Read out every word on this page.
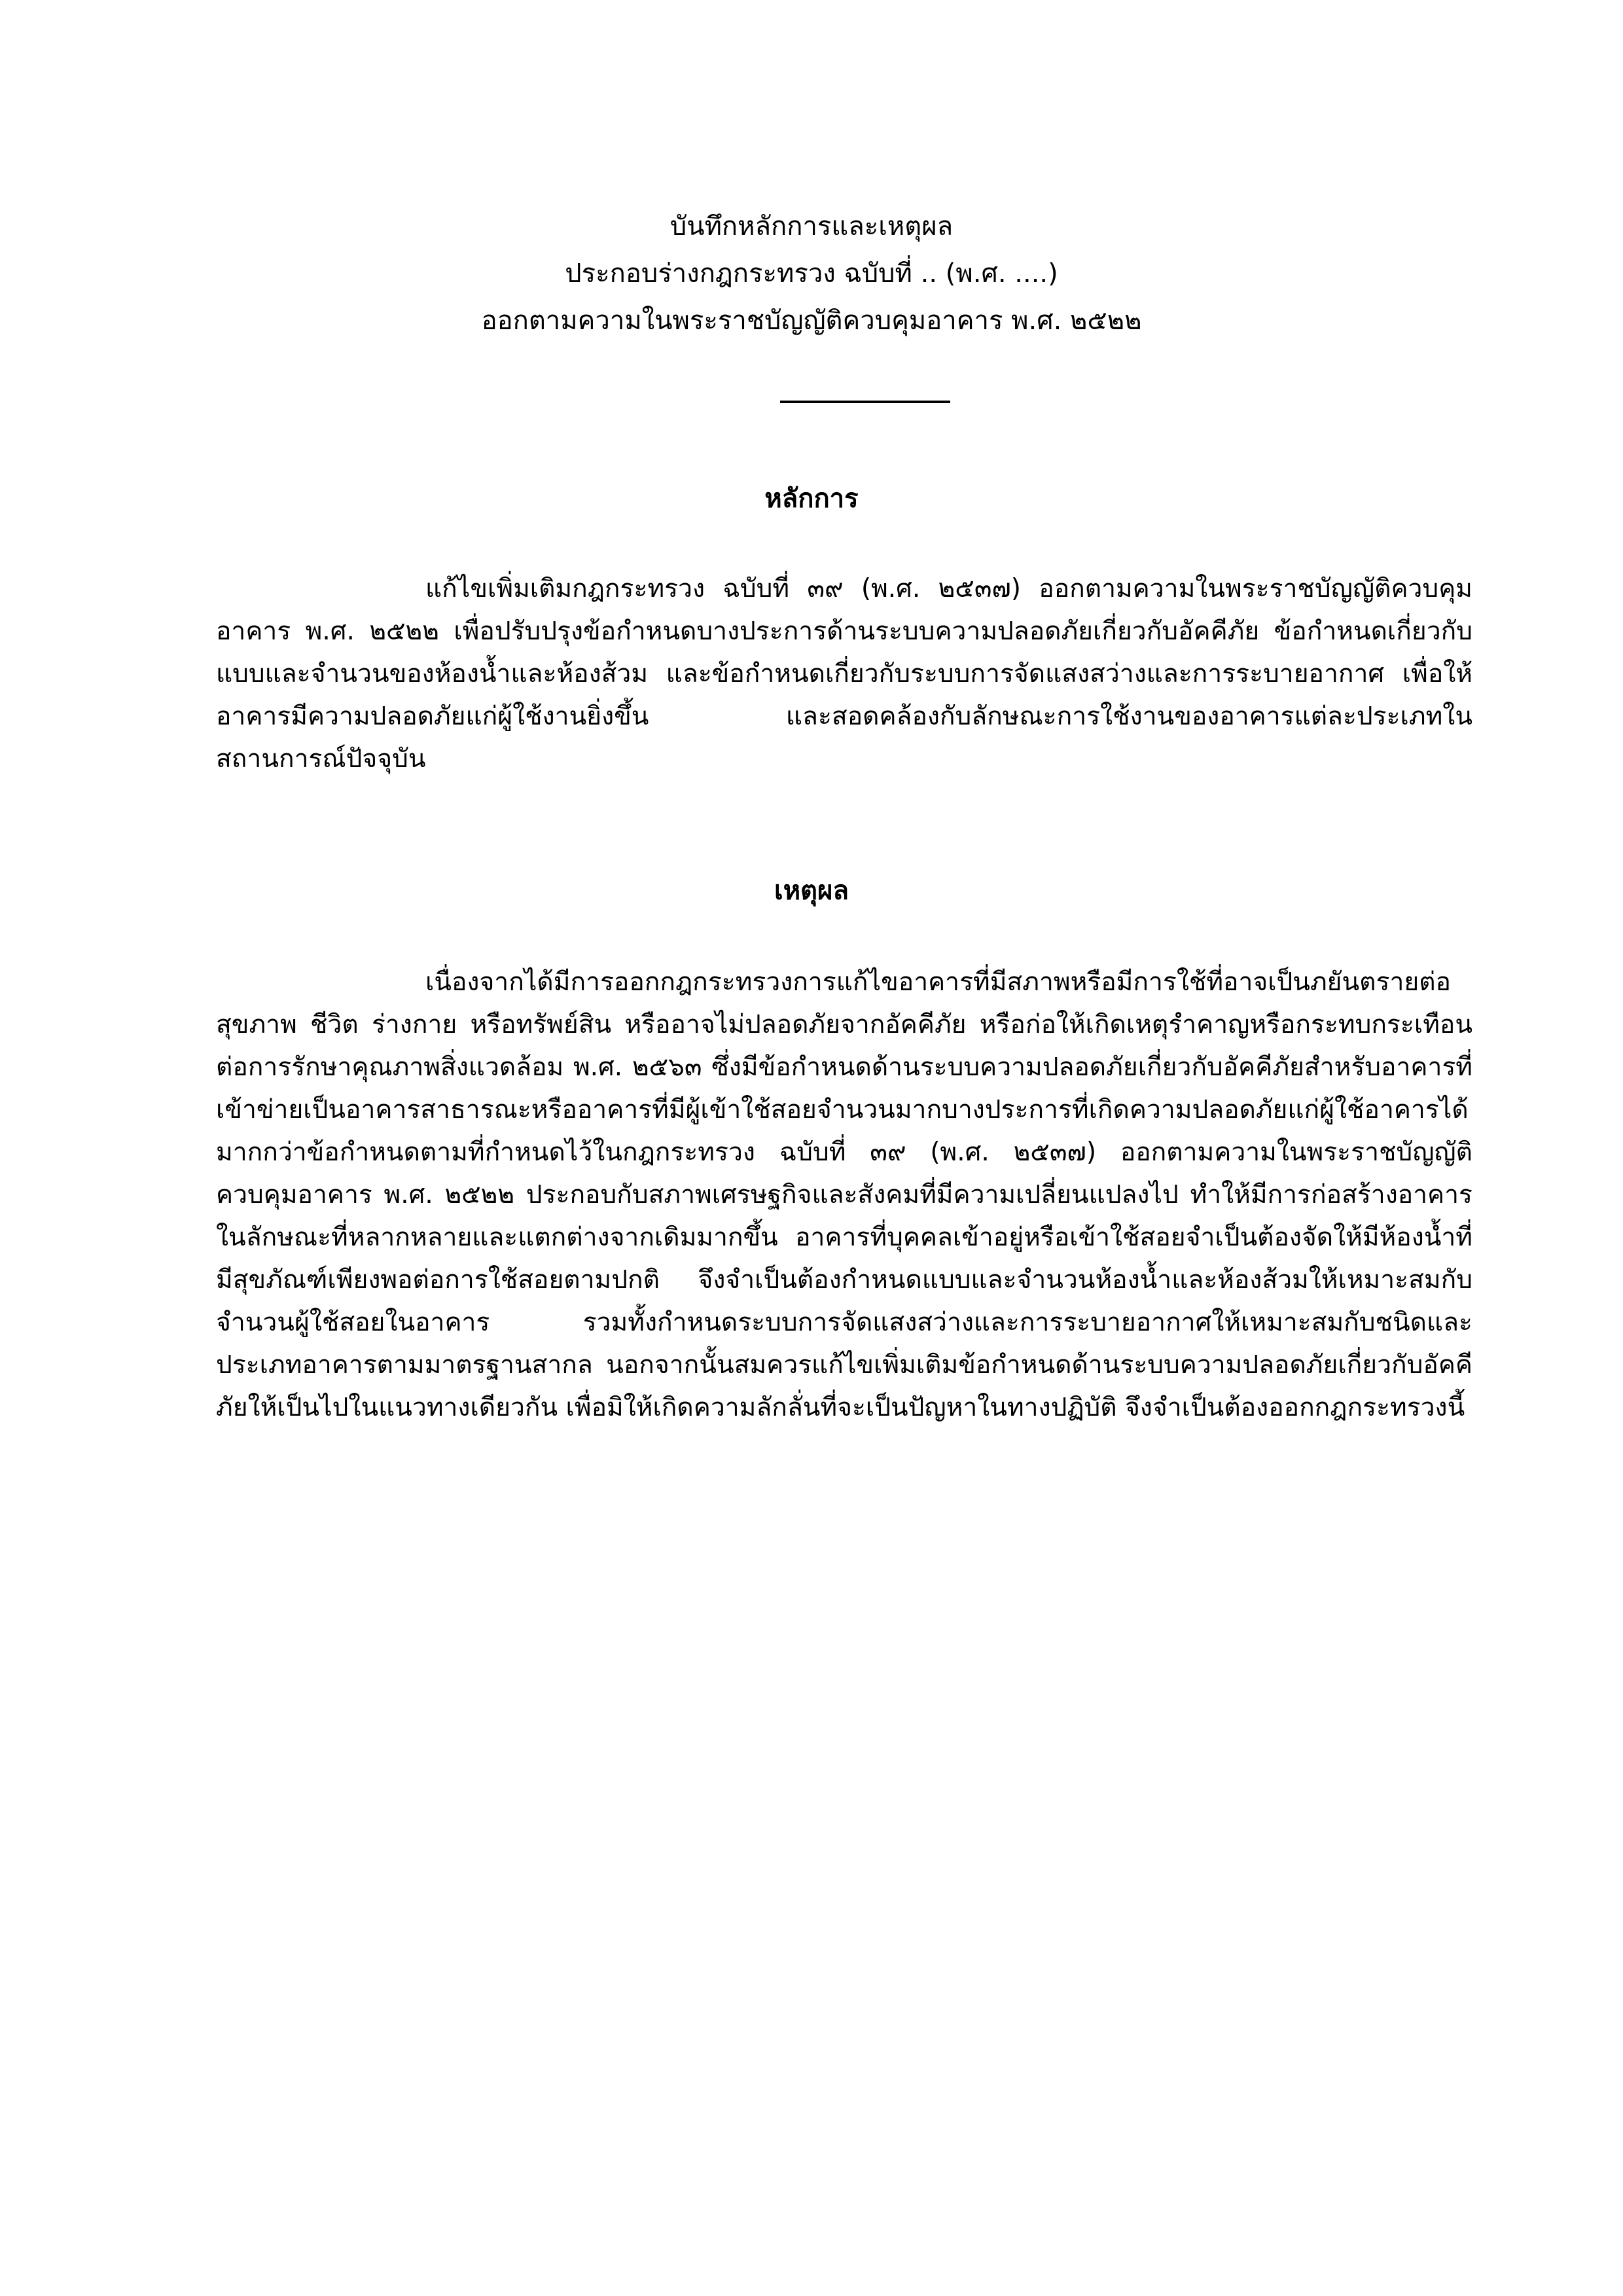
บันทึกหลักการและเหตุผล
ประกอบร่างกฎกระทรวง ฉบับที่ .. (พ.ศ. ....)
ออกตามความในพระราชบัญญัติควบคุมอาคาร พ.ศ. ๒๕๒๒
หลักการ
แก้ไขเพิ่มเติมกฎกระทรวง ฉบับที่ ๓๙ (พ.ศ. ๒๕๓๗) ออกตามความในพระราชบัญญัติควบคุมอาคาร พ.ศ. ๒๕๒๒ เพื่อปรับปรุงข้อกำหนดบางประการด้านระบบความปลอดภัยเกี่ยวกับอัคคีภัย ข้อกำหนดเกี่ยวกับแบบและจำนวนของห้องน้ำและห้องส้วม และข้อกำหนดเกี่ยวกับระบบการจัดแสงสว่างและการระบายอากาศ เพื่อให้อาคารมีความปลอดภัยแก่ผู้ใช้งานยิ่งขึ้น และสอดคล้องกับลักษณะการใช้งานของอาคารแต่ละประเภทในสถานการณ์ปัจจุบัน
เหตุผล
เนื่องจากได้มีการออกกฎกระทรวงการแก้ไขอาคารที่มีสภาพหรือมีการใช้ที่อาจเป็นภยันตรายต่อสุขภาพ ชีวิต ร่างกาย หรือทรัพย์สิน หรืออาจไม่ปลอดภัยจากอัคคีภัย หรือก่อให้เกิดเหตุรำคาญหรือกระทบกระเทือนต่อการรักษาคุณภาพสิ่งแวดล้อม พ.ศ. ๒๕๖๓ ซึ่งมีข้อกำหนดด้านระบบความปลอดภัยเกี่ยวกับอัคคีภัยสำหรับอาคารที่เข้าข่ายเป็นอาคารสาธารณะหรืออาคารที่มีผู้เข้าใช้สอยจำนวนมากบางประการที่เกิดความปลอดภัยแก่ผู้ใช้อาคารได้มากกว่าข้อกำหนดตามที่กำหนดไว้ในกฎกระทรวง ฉบับที่ ๓๙ (พ.ศ. ๒๕๓๗) ออกตามความในพระราชบัญญัติควบคุมอาคาร พ.ศ. ๒๕๒๒ ประกอบกับสภาพเศรษฐกิจและสังคมที่มีความเปลี่ยนแปลงไป ทำให้มีการก่อสร้างอาคารในลักษณะที่หลากหลายและแตกต่างจากเดิมมากขึ้น อาคารที่บุคคลเข้าอยู่หรือเข้าใช้สอยจำเป็นต้องจัดให้มีห้องน้ำที่มีสุขภัณฑ์เพียงพอต่อการใช้สอยตามปกติ จึงจำเป็นต้องกำหนดแบบและจำนวนห้องน้ำและห้องส้วมให้เหมาะสมกับจำนวนผู้ใช้สอยในอาคาร รวมทั้งกำหนดระบบการจัดแสงสว่างและการระบายอากาศให้เหมาะสมกับชนิดและประเภทอาคารตามมาตรฐานสากล นอกจากนั้นสมควรแก้ไขเพิ่มเติมข้อกำหนดด้านระบบความปลอดภัยเกี่ยวกับอัคคีภัยให้เป็นไปในแนวทางเดียวกัน เพื่อมิให้เกิดความลักลั่นที่จะเป็นปัญหาในทางปฏิบัติ จึงจำเป็นต้องออกกฎกระทรวงนี้
